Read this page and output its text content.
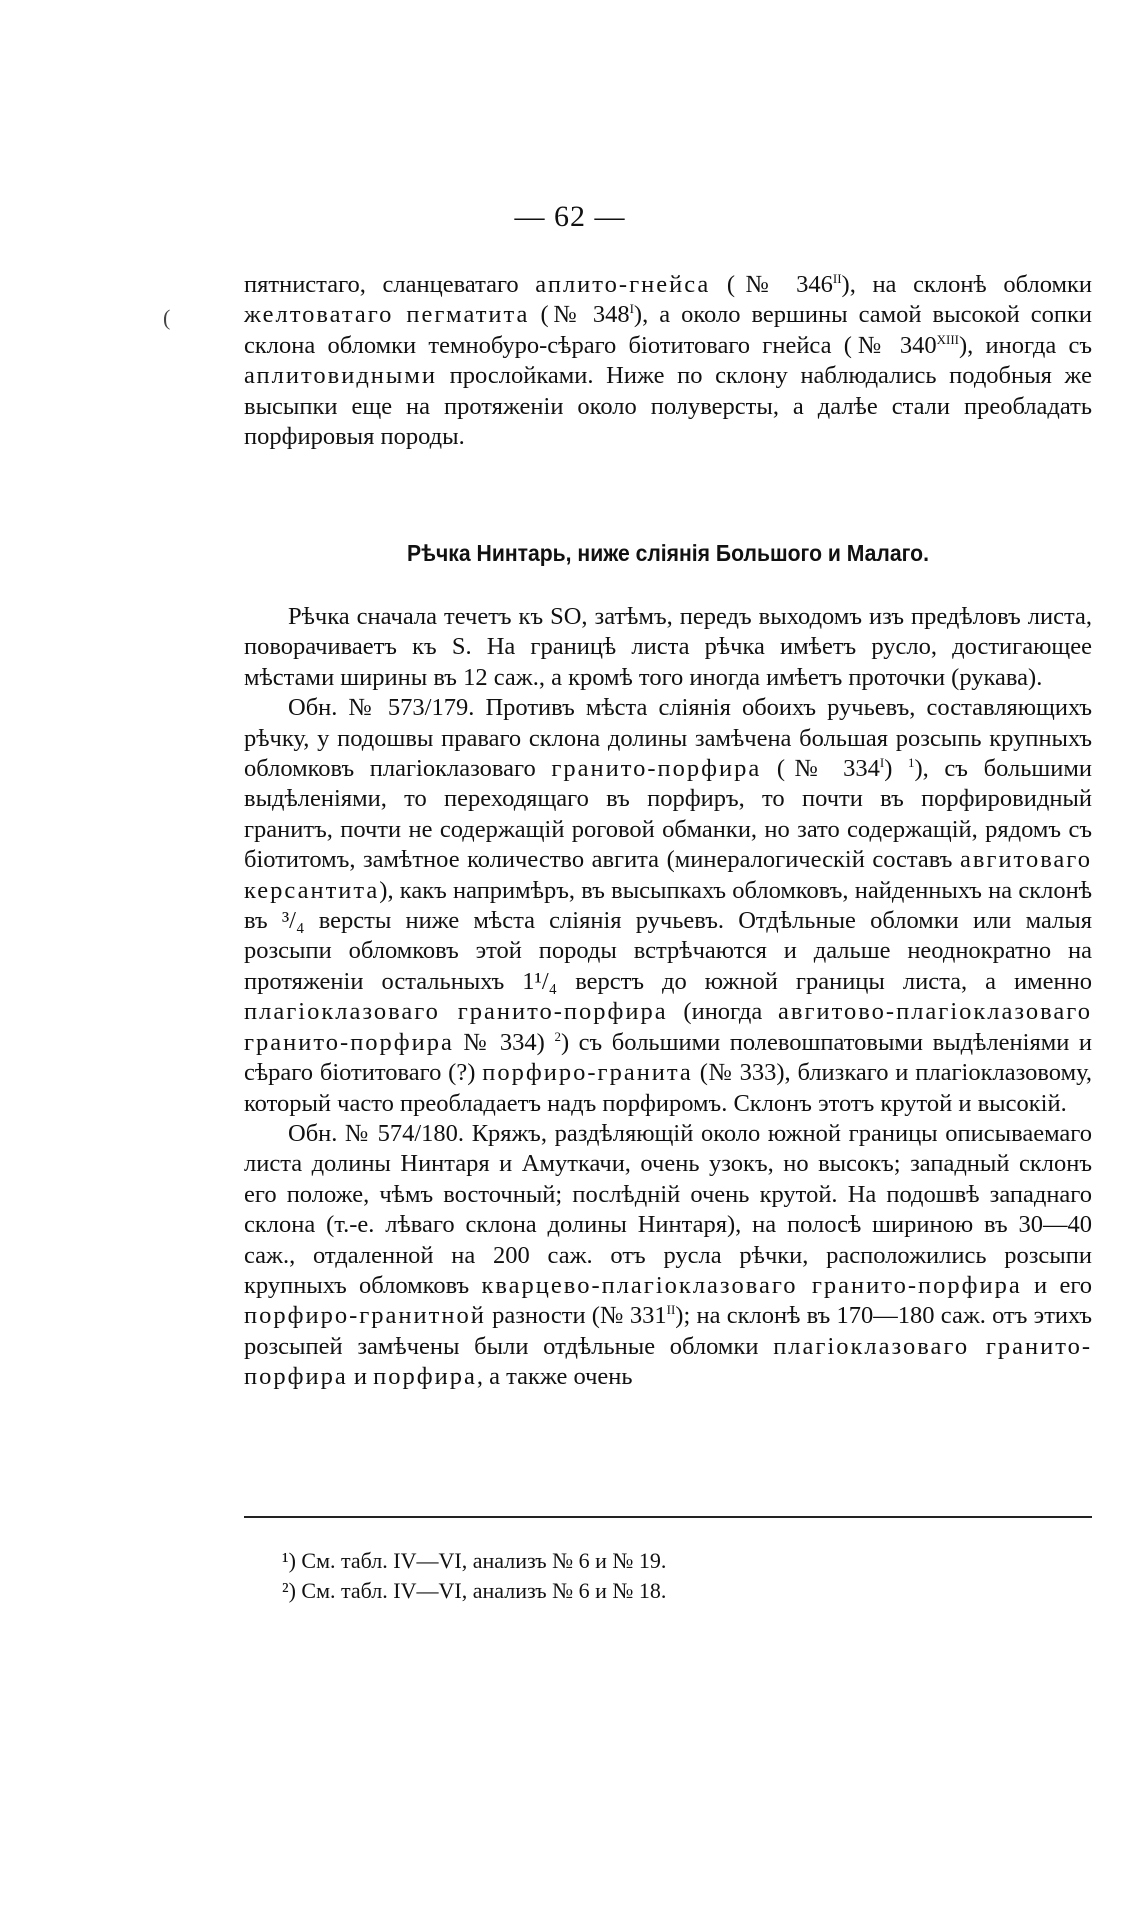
— 62 —
(

пятнистаго, сланцеватаго аплито-гнейса (№ $346^{II}$), на склонѣ обломки желтоватаго пегматита (№ $348^I$), а около вершины самой высокой сопки склона обломки темнобуро-сѣраго біотитоваго гнейса (№ $340^{XIII}$), иногда съ аплитовидными прослойками. Ниже по склону наблюдались подобныя же высыпки еще на протяженіи около полуверсты, а далѣе стали преобладать порфировыя породы.

Рѣчка Нинтарь, ниже сліянія Большого и Малаго.

Рѣчка сначала течетъ къ SO, затѣмъ, передъ выходомъ изъ предѣловъ листа, поворачиваетъ къ S. На границѣ листа рѣчка имѣетъ русло, достигающее мѣстами ширины въ 12 саж., а кромѣ того иногда имѣетъ проточки (рукава).

Обн. № 573/179. Противъ мѣста сліянія обоихъ ручьевъ, составляющихъ рѣчку, у подошвы праваго склона долины замѣчена большая розсыпь крупныхъ обломковъ плагіоклазоваго гранито-порфира (№ $334^I$) $^1$), съ большими выдѣленіями, то переходящаго въ порфиръ, то почти въ порфировидный гранитъ, почти не содержащій роговой обманки, но зато содержащій, рядомъ съ біотитомъ, замѣтное количество авгита (минералогическій составъ авгитоваго керсантита), какъ напримѣръ, въ высыпкахъ обломковъ, найденныхъ на склонѣ въ ³/₄ версты ниже мѣста сліянія ручьевъ. Отдѣльные обломки или малыя розсыпи обломковъ этой породы встрѣчаются и дальше неоднократно на протяженіи остальныхъ 1¹/₄ верстъ до южной границы листа, а именно плагіоклазоваго гранито-порфира (иногда авгитово-плагіоклазоваго гранито-порфира № 334) $^2$) съ большими полевошпатовыми выдѣленіями и сѣраго біотитоваго (?) порфиро-гранита (№ 333), близкаго и плагіоклазовому, который часто преобладаетъ надъ порфиромъ. Склонъ этотъ крутой и высокій.

Обн. № 574/180. Кряжъ, раздѣляющій около южной границы описываемаго листа долины Нинтаря и Амуткачи, очень узокъ, но высокъ; западный склонъ его положе, чѣмъ восточный; послѣдній очень крутой. На подошвѣ западнаго склона (т.-е. лѣваго склона долины Нинтаря), на полосѣ шириною въ 30—40 саж., отдаленной на 200 саж. отъ русла рѣчки, расположились розсыпи крупныхъ обломковъ кварцево-плагіоклазоваго гранито-порфира и его порфиро-гранитной разности (№ $331^{II}$); на склонѣ въ 170—180 саж. отъ этихъ розсыпей замѣчены были отдѣльные обломки плагіоклазоваго гранито-порфира и порфира, а также очень

¹) См. табл. IV—VI, анализъ № 6 и № 19.
²) См. табл. IV—VI, анализъ № 6 и № 18.
